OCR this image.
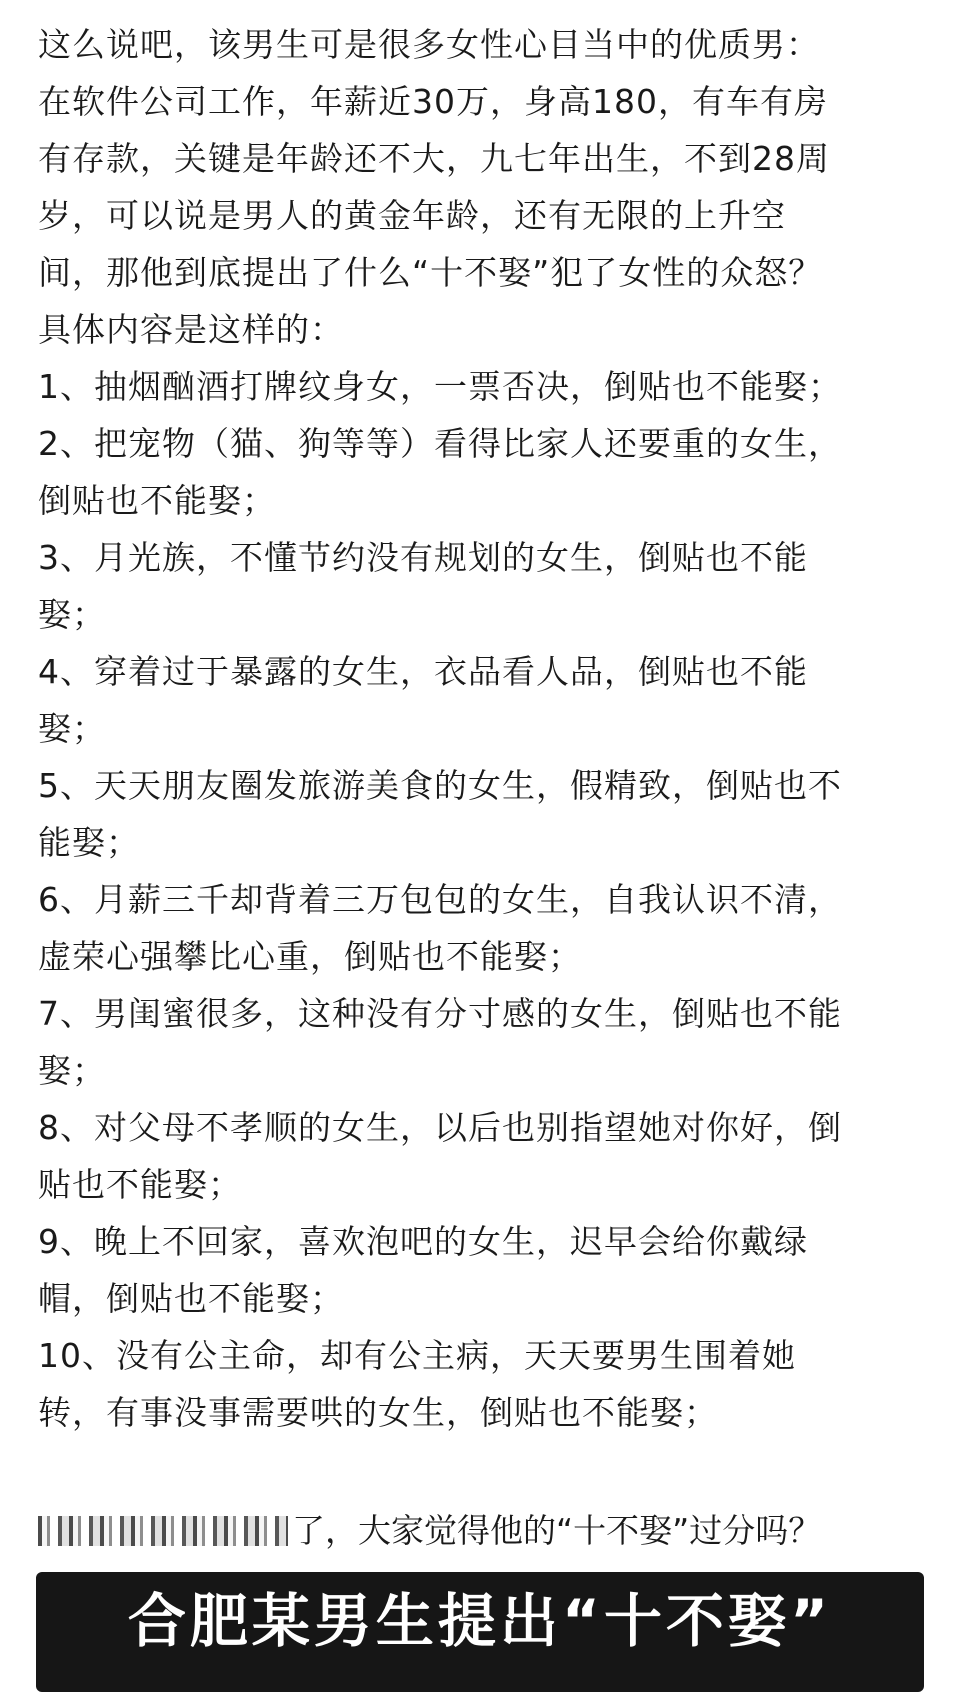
这么说吧，该男生可是很多女性心目当中的优质男：
在软件公司工作，年薪近30万，身高180，有车有房
有存款，关键是年龄还不大，九七年出生，不到28周
岁，可以说是男人的黄金年龄，还有无限的上升空
间，那他到底提出了什么“十不娶”犯了女性的众怒？
具体内容是这样的：
1、抽烟酗酒打牌纹身女，一票否决，倒贴也不能娶；
2、把宠物（猫、狗等等）看得比家人还要重的女生，
倒贴也不能娶；
3、月光族，不懂节约没有规划的女生，倒贴也不能
娶；
4、穿着过于暴露的女生，衣品看人品，倒贴也不能
娶；
5、天天朋友圈发旅游美食的女生，假精致，倒贴也不
能娶；
6、月薪三千却背着三万包包的女生，自我认识不清，
虚荣心强攀比心重，倒贴也不能娶；
7、男闺蜜很多，这种没有分寸感的女生，倒贴也不能
娶；
8、对父母不孝顺的女生，以后也别指望她对你好，倒
贴也不能娶；
9、晚上不回家，喜欢泡吧的女生，迟早会给你戴绿
帽，倒贴也不能娶；
10、没有公主命，却有公主病，天天要男生围着她
转，有事没事需要哄的女生，倒贴也不能娶；
了，大家觉得他的“十不娶”过分吗？
合肥某男生提出“十不娶”
